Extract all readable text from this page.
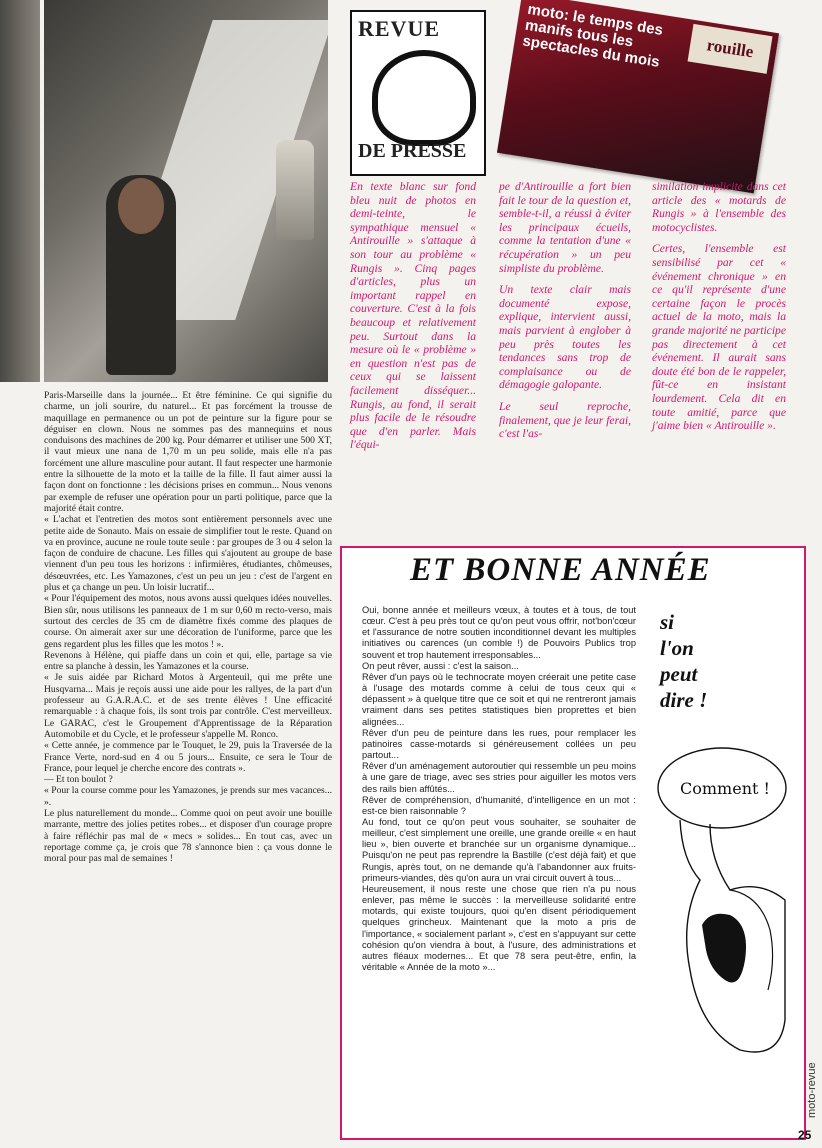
Paris-Marseille dans la journée... Et être féminine. Ce qui signifie du charme, un joli sourire, du naturel... Et pas forcément la trousse de maquillage en permanence ou un pot de peinture sur la figure pour se déguiser en clown. Nous ne sommes pas des mannequins et nous conduisons des machines de 200 kg. Pour démarrer et utiliser une 500 XT, il vaut mieux une nana de 1,70 m un peu solide, mais elle n'a pas forcément une allure masculine pour autant. Il faut respecter une harmonie entre la silhouette de la moto et la taille de la fille. Il faut aimer aussi la façon dont on fonctionne : les décisions prises en commun... Nous venons par exemple de refuser une opération pour un parti politique, parce que la majorité était contre.

« L'achat et l'entretien des motos sont entièrement personnels avec une petite aide de Sonauto. Mais on essaie de simplifier tout le reste. Quand on va en province, aucune ne roule toute seule : par groupes de 3 ou 4 selon la façon de conduire de chacune. Les filles qui s'ajoutent au groupe de base viennent d'un peu tous les horizons : infirmières, étudiantes, chômeuses, désœuvrées, etc. Les Yamazones, c'est un peu un jeu : c'est de l'argent en plus et ça change un peu. Un loisir lucratif...

« Pour l'équipement des motos, nous avons aussi quelques idées nouvelles. Bien sûr, nous utilisons les panneaux de 1 m sur 0,60 m recto-verso, mais surtout des cercles de 35 cm de diamètre fixés comme des plaques de course. On aimerait axer sur une décoration de l'uniforme, parce que les gens regardent plus les filles que les motos ! ».

Revenons à Hélène, qui piaffe dans un coin et qui, elle, partage sa vie entre sa planche à dessin, les Yamazones et la course.

« Je suis aidée par Richard Motos à Argenteuil, qui me prête une Husqvarna... Mais je reçois aussi une aide pour les rallyes, de la part d'un professeur au G.A.R.A.C. et de ses trente élèves ! Une efficacité remarquable : à chaque fois, ils sont trois par contrôle. C'est merveilleux. Le GARAC, c'est le Groupement d'Apprentissage de la Réparation Automobile et du Cycle, et le professeur s'appelle M. Ronco.

« Cette année, je commence par le Touquet, le 29, puis la Traversée de la France Verte, nord-sud en 4 ou 5 jours... Ensuite, ce sera le Tour de France, pour lequel je cherche encore des contrats ».

— Et ton boulot ?

« Pour la course comme pour les Yamazones, je prends sur mes vacances... ».

Le plus naturellement du monde... Comme quoi on peut avoir une bouille marrante, mettre des jolies petites robes... et disposer d'un courage propre à faire réfléchir pas mal de « mecs » solides... En tout cas, avec un reportage comme ça, je crois que 78 s'annonce bien : ça vous donne le moral pour pas mal de semaines !

REVUE
DE PRESSE
rouille
moto: le temps des manifs tous les spectacles du mois

En texte blanc sur fond bleu nuit de photos en demi-teinte, le sympathique mensuel « Antirouille » s'attaque à son tour au problème « Rungis ». Cinq pages d'articles, plus un important rappel en couverture. C'est à la fois beaucoup et relativement peu. Surtout dans la mesure où le « problème » en question n'est pas de ceux qui se laissent facilement disséquer... Rungis, au fond, il serait plus facile de le résoudre que d'en parler. Mais l'équi-

pe d'Antirouille a fort bien fait le tour de la question et, semble-t-il, a réussi à éviter les principaux écueils, comme la tentation d'une « récupération » un peu simpliste du problème.

Un texte clair mais documenté expose, explique, intervient aussi, mais parvient à englober à peu près toutes les tendances sans trop de complaisance ou de démagogie galopante.

Le seul reproche, finalement, que je leur ferai, c'est l'as-

similation implicite dans cet article des « motards de Rungis » à l'ensemble des motocyclistes.

Certes, l'ensemble est sensibilisé par cet « événement chronique » en ce qu'il représente d'une certaine façon le procès actuel de la moto, mais la grande majorité ne participe pas directement à cet événement. Il aurait sans doute été bon de le rappeler, fût-ce en insistant lourdement. Cela dit en toute amitié, parce que j'aime bien « Antirouille ».

ET BONNE ANNÉE

Oui, bonne année et meilleurs vœux, à toutes et à tous, de tout cœur. C'est à peu près tout ce qu'on peut vous offrir, not'bon'cœur et l'assurance de notre soutien inconditionnel devant les multiples initiatives ou carences (un comble !) de Pouvoirs Publics trop souvent et trop hautement irresponsables...

On peut rêver, aussi : c'est la saison...

Rêver d'un pays où le technocrate moyen créerait une petite case à l'usage des motards comme à celui de tous ceux qui « dépassent » à quelque titre que ce soit et qui ne rentreront jamais vraiment dans ses petites statistiques bien proprettes et bien alignées...

Rêver d'un peu de peinture dans les rues, pour remplacer les patinoires casse-motards si généreusement collées un peu partout...

Rêver d'un aménagement autoroutier qui ressemble un peu moins à une gare de triage, avec ses stries pour aiguiller les motos vers des rails bien affûtés...

Rêver de compréhension, d'humanité, d'intelligence en un mot : est-ce bien raisonnable ?

Au fond, tout ce qu'on peut vous souhaiter, se souhaiter de meilleur, c'est simplement une oreille, une grande oreille « en haut lieu », bien ouverte et branchée sur un organisme dynamique... Puisqu'on ne peut pas reprendre la Bastille (c'est déjà fait) et que Rungis, après tout, on ne demande qu'à l'abandonner aux fruits-primeurs-viandes, dès qu'on aura un vrai circuit ouvert à tous...

Heureusement, il nous reste une chose que rien n'a pu nous enlever, pas même le succès : la merveilleuse solidarité entre motards, qui existe toujours, quoi qu'en disent périodiquement quelques grincheux. Maintenant que la moto a pris de l'importance, « socialement parlant », c'est en s'appuyant sur cette cohésion qu'on viendra à bout, à l'usure, des administrations et autres fléaux modernes... Et que 78 sera peut-être, enfin, la véritable « Année de la moto »...

si
l'on
peut
dire !
Comment !
moto-revue
25
